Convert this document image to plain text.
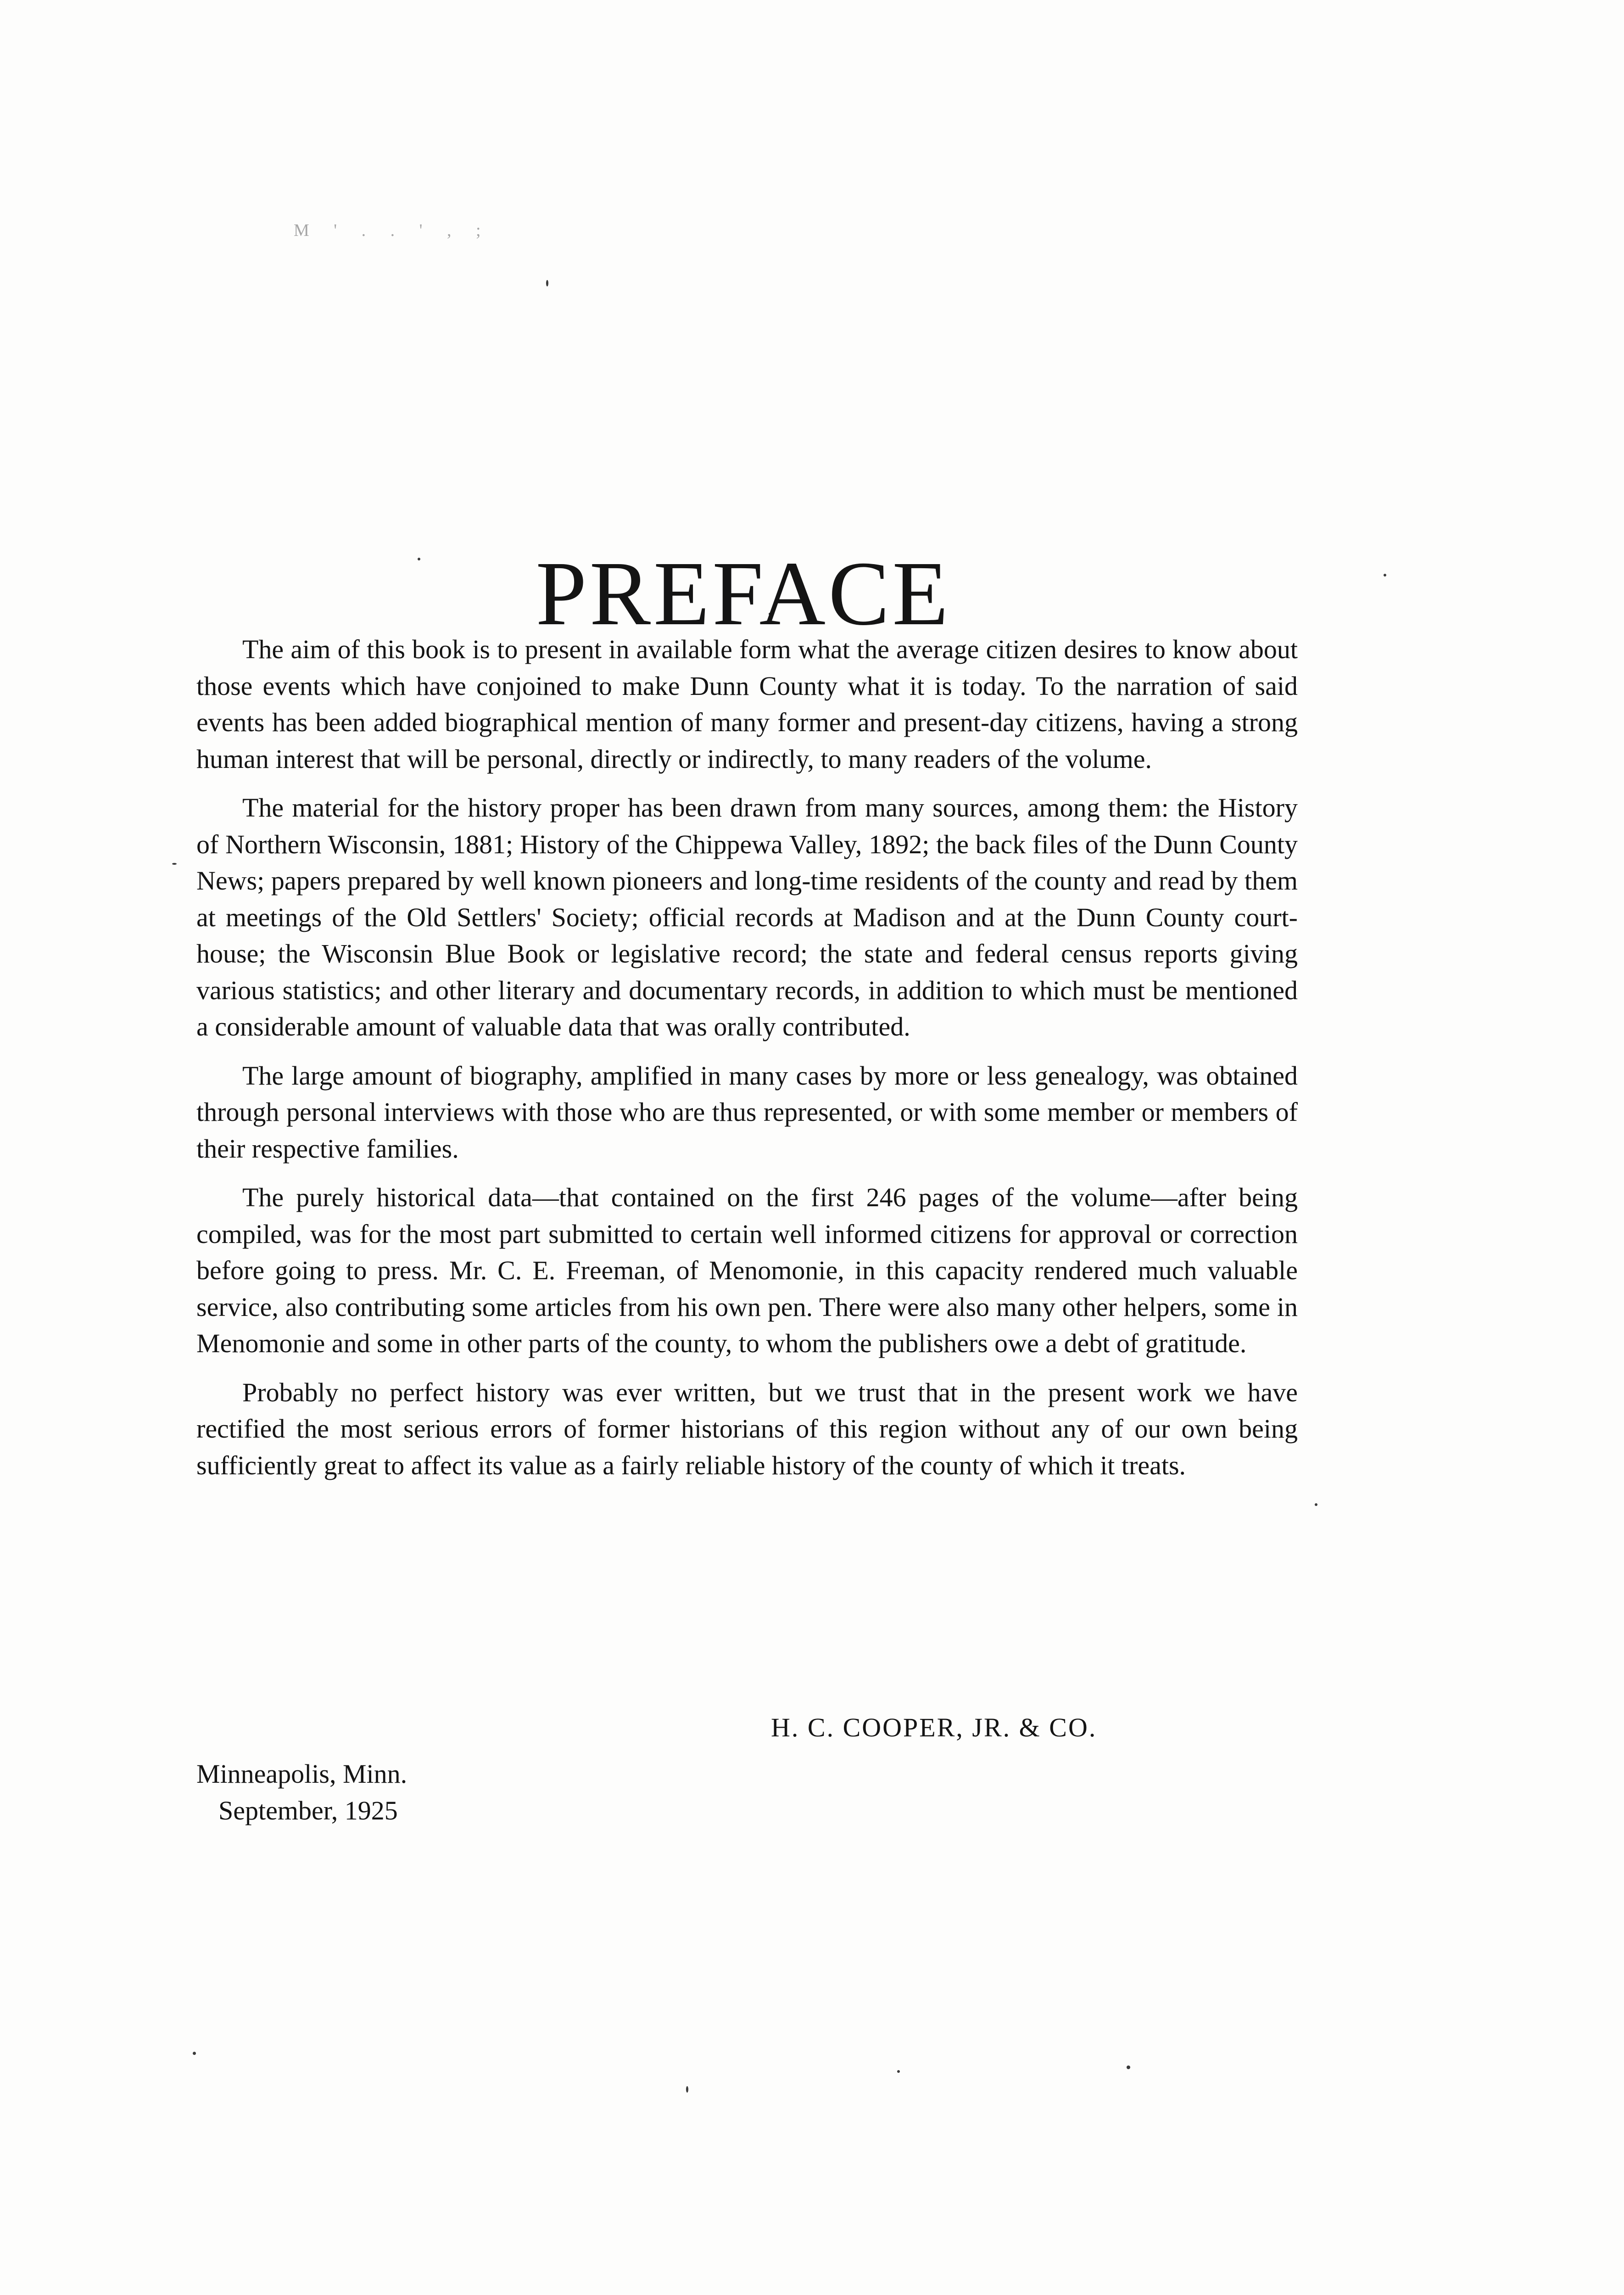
M ' . . ' , ;
PREFACE

The aim of this book is to present in available form what the average citizen desires to know about those events which have conjoined to make Dunn County what it is today. To the narration of said events has been added biographical mention of many former and present-day citizens, having a strong human interest that will be personal, directly or indirectly, to many readers of the volume.

The material for the history proper has been drawn from many sources, among them: the History of Northern Wisconsin, 1881; History of the Chippewa Valley, 1892; the back files of the Dunn County News; papers prepared by well known pioneers and long-time residents of the county and read by them at meetings of the Old Settlers' Society; official records at Madison and at the Dunn County court-house; the Wisconsin Blue Book or legislative record; the state and federal census reports giving various statistics; and other literary and documentary records, in addition to which must be mentioned a considerable amount of valuable data that was orally contributed.

The large amount of biography, amplified in many cases by more or less genealogy, was obtained through personal interviews with those who are thus represented, or with some member or members of their respective families.

The purely historical data—that contained on the first 246 pages of the volume—after being compiled, was for the most part submitted to certain well informed citizens for approval or correction before going to press. Mr. C. E. Freeman, of Menomonie, in this capacity rendered much valuable service, also contributing some articles from his own pen. There were also many other helpers, some in Menomonie and some in other parts of the county, to whom the publishers owe a debt of gratitude.

Probably no perfect history was ever written, but we trust that in the present work we have rectified the most serious errors of former historians of this region without any of our own being sufficiently great to affect its value as a fairly reliable history of the county of which it treats.

H. C. COOPER, JR. & CO.
Minneapolis, Minn.
September, 1925
